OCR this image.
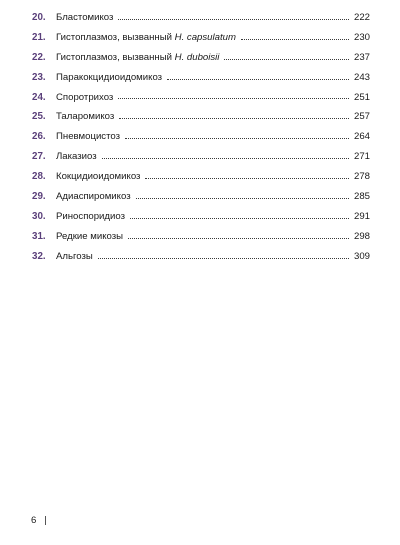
20.	Бластомикоз	222
21.	Гистоплазмоз, вызванный H. capsulatum	230
22.	Гистоплазмоз, вызванный H. duboisii	237
23.	Паракокцидиоидомикоз	243
24.	Споротрихоз	251
25.	Таларомикоз	257
26.	Пневмоцистоз	264
27.	Лаказиоз	271
28.	Кокцидиоидомикоз	278
29.	Адиаспиромикоз	285
30.	Риноспоридиоз	291
31.	Редкие микозы	298
32.	Альгозы	309
6
